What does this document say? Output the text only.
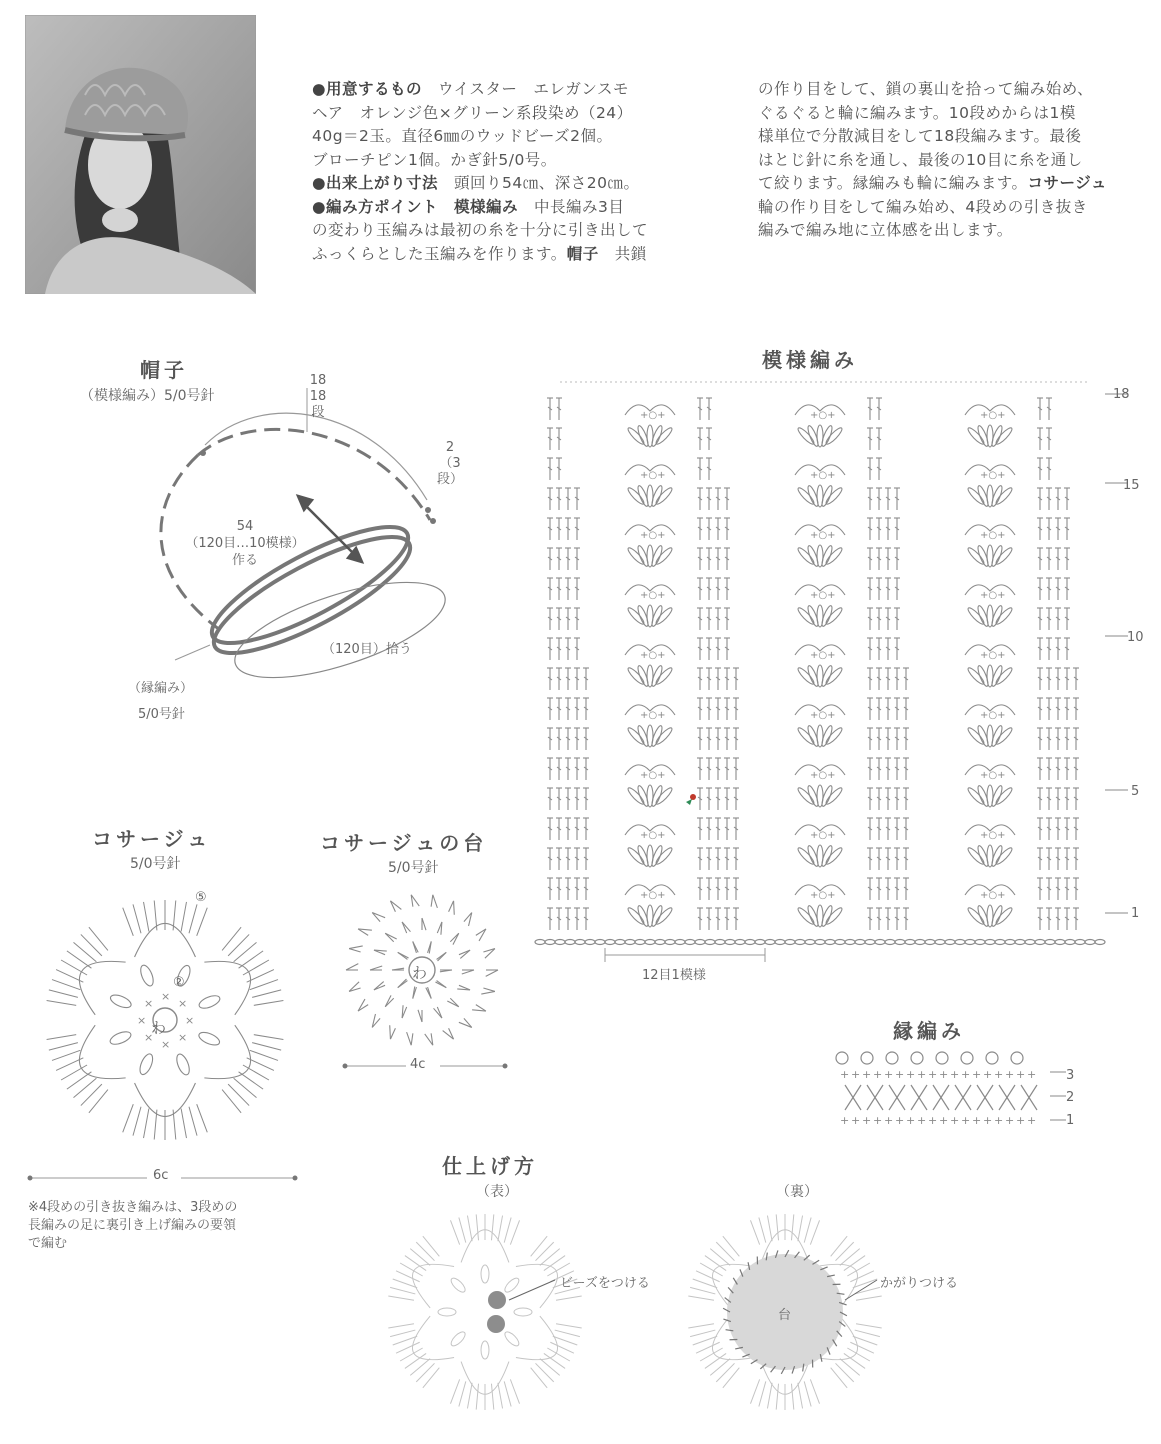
●用意するもの　ウイスター　エレガンスモ
ヘア　オレンジ色×グリーン系段染め（24）
40g＝2玉。直径6㎜のウッドビーズ2個。
ブローチピン1個。かぎ針5/0号。
●出来上がり寸法　頭回り54㎝、深さ20㎝。
●編み方ポイント　模様編み　中長編み3目
の変わり玉編みは最初の糸を十分に引き出して
ふっくらとした玉編みを作ります。帽子　共鎖
の作り目をして、鎖の裏山を拾って編み始め、
ぐるぐると輪に編みます。10段めからは1模
様単位で分散減目をして18段編みます。最後
はとじ針に糸を通し、最後の10目に糸を通し
て絞ります。縁編みも輪に編みます。コサージュ
輪の作り目をして編み始め、4段めの引き抜き
編みで編み地に立体感を出します。
帽子
（模様編み）5/0号針
18
18
段
2
（3
段）
54
（120目…10模様）
作る
（120目）拾う
（縁編み）
5/0号針
模様編み
+○+	+○+	+○+
+○+	+○+	+○+
+○+	+○+	+○+
+○+	+○+	+○+
+○+	+○+	+○+
+○+	+○+	+○+
+○+	+○+	+○+
+○+	+○+	+○+
+○+	+○+	+○+
18
15
10
5
1
12目1模様
コサージュ
5/0号針
×
×
×
×
×
×
×
×
わ
②
⑤
6c
※4段めの引き抜き編みは、3段めの
長編みの足に裏引き上げ編みの要領
で編む
コサージュの台
5/0号針
わ
4c
縁編み
+
+
+
+
+
+
+
+
+
+
+
+
+
+
+
+
+
+
+
+
+
+
+
+
+
+
+
+
+
+
+
+
+
+
+
+
3
2
1
仕上げ方
（表）	（裏）
ビーズをつける	かがりつける
台
